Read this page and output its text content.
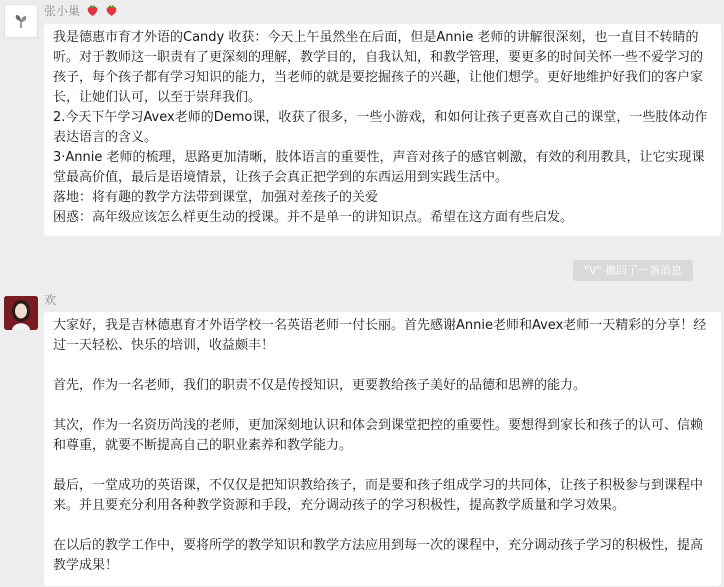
张小巢

我是德惠市育才外语的Candy 收获：今天上午虽然坐在后面，但是Annie 老师的讲解很深刻，也一直目不转睛的听。对于教师这一职责有了更深刻的理解，教学目的，自我认知，和教学管理，要更多的时间关怀一些不爱学习的孩子，每个孩子都有学习知识的能力，当老师的就是要挖掘孩子的兴趣，让他们想学。更好地维护好我们的客户家长，让她们认可，以至于崇拜我们。

2.今天下午学习Avex老师的Demo课，收获了很多，一些小游戏，和如何让孩子更喜欢自己的课堂，一些肢体动作表达语言的含义。

3·Annie 老师的梳理，思路更加清晰，肢体语言的重要性，声音对孩子的感官刺激，有效的利用教具，让它实现课堂最高价值，最后是语境情景，让孩子会真正把学到的东西运用到实践生活中。

落地：将有趣的教学方法带到课堂，加强对差孩子的关爱

困惑：高年级应该怎么样更生动的授课。并不是单一的讲知识点。希望在这方面有些启发。

"V" 撤回了一条消息
欢

大家好，我是吉林德惠育才外语学校一名英语老师一付长丽。首先感谢Annie老师和Avex老师一天精彩的分享！经过一天轻松、快乐的培训，收益颇丰！

首先，作为一名老师，我们的职责不仅是传授知识，更要教给孩子美好的品德和思辨的能力。

其次，作为一名资历尚浅的老师，更加深刻地认识和体会到课堂把控的重要性。要想得到家长和孩子的认可、信赖和尊重，就要不断提高自己的职业素养和教学能力。

最后，一堂成功的英语课，不仅仅是把知识教给孩子，而是要和孩子组成学习的共同体，让孩子积极参与到课程中来。并且要充分利用各种教学资源和手段，充分调动孩子的学习积极性，提高教学质量和学习效果。

在以后的教学工作中，要将所学的教学知识和教学方法应用到每一次的课程中，充分调动孩子学习的积极性，提高教学成果！
